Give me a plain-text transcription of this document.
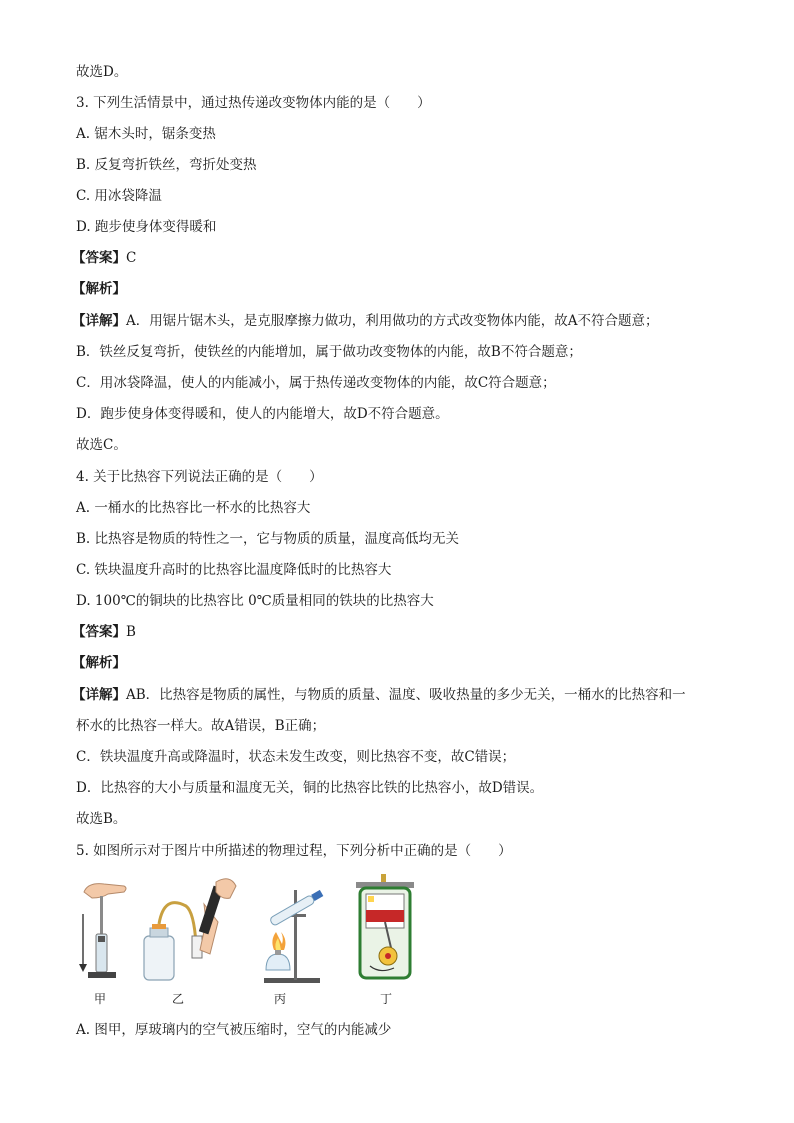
故选D。
3. 下列生活情景中，通过热传递改变物体内能的是（　　）
A. 锯木头时，锯条变热
B. 反复弯折铁丝，弯折处变热
C. 用冰袋降温
D. 跑步使身体变得暖和
【答案】C
【解析】
【详解】A．用锯片锯木头，是克服摩擦力做功，利用做功的方式改变物体内能，故A不符合题意；
B．铁丝反复弯折，使铁丝的内能增加，属于做功改变物体的内能，故B不符合题意；
C．用冰袋降温，使人的内能减小，属于热传递改变物体的内能，故C符合题意；
D．跑步使身体变得暖和，使人的内能增大，故D不符合题意。
故选C。
4. 关于比热容下列说法正确的是（　　）
A. 一桶水的比热容比一杯水的比热容大
B. 比热容是物质的特性之一，它与物质的质量，温度高低均无关
C. 铁块温度升高时的比热容比温度降低时的比热容大
D. 100℃的铜块的比热容比 0℃质量相同的铁块的比热容大
【答案】B
【解析】
【详解】AB．比热容是物质的属性，与物质的质量、温度、吸收热量的多少无关，一桶水的比热容和一
杯水的比热容一样大。故A错误，B正确；
C．铁块温度升高或降温时，状态未发生改变，则比热容不变，故C错误；
D．比热容的大小与质量和温度无关，铜的比热容比铁的比热容小，故D错误。
故选B。
5. 如图所示对于图片中所描述的物理过程，下列分析中正确的是（　　）
甲	乙	丙	丁
A. 图甲，厚玻璃内的空气被压缩时，空气的内能减少
